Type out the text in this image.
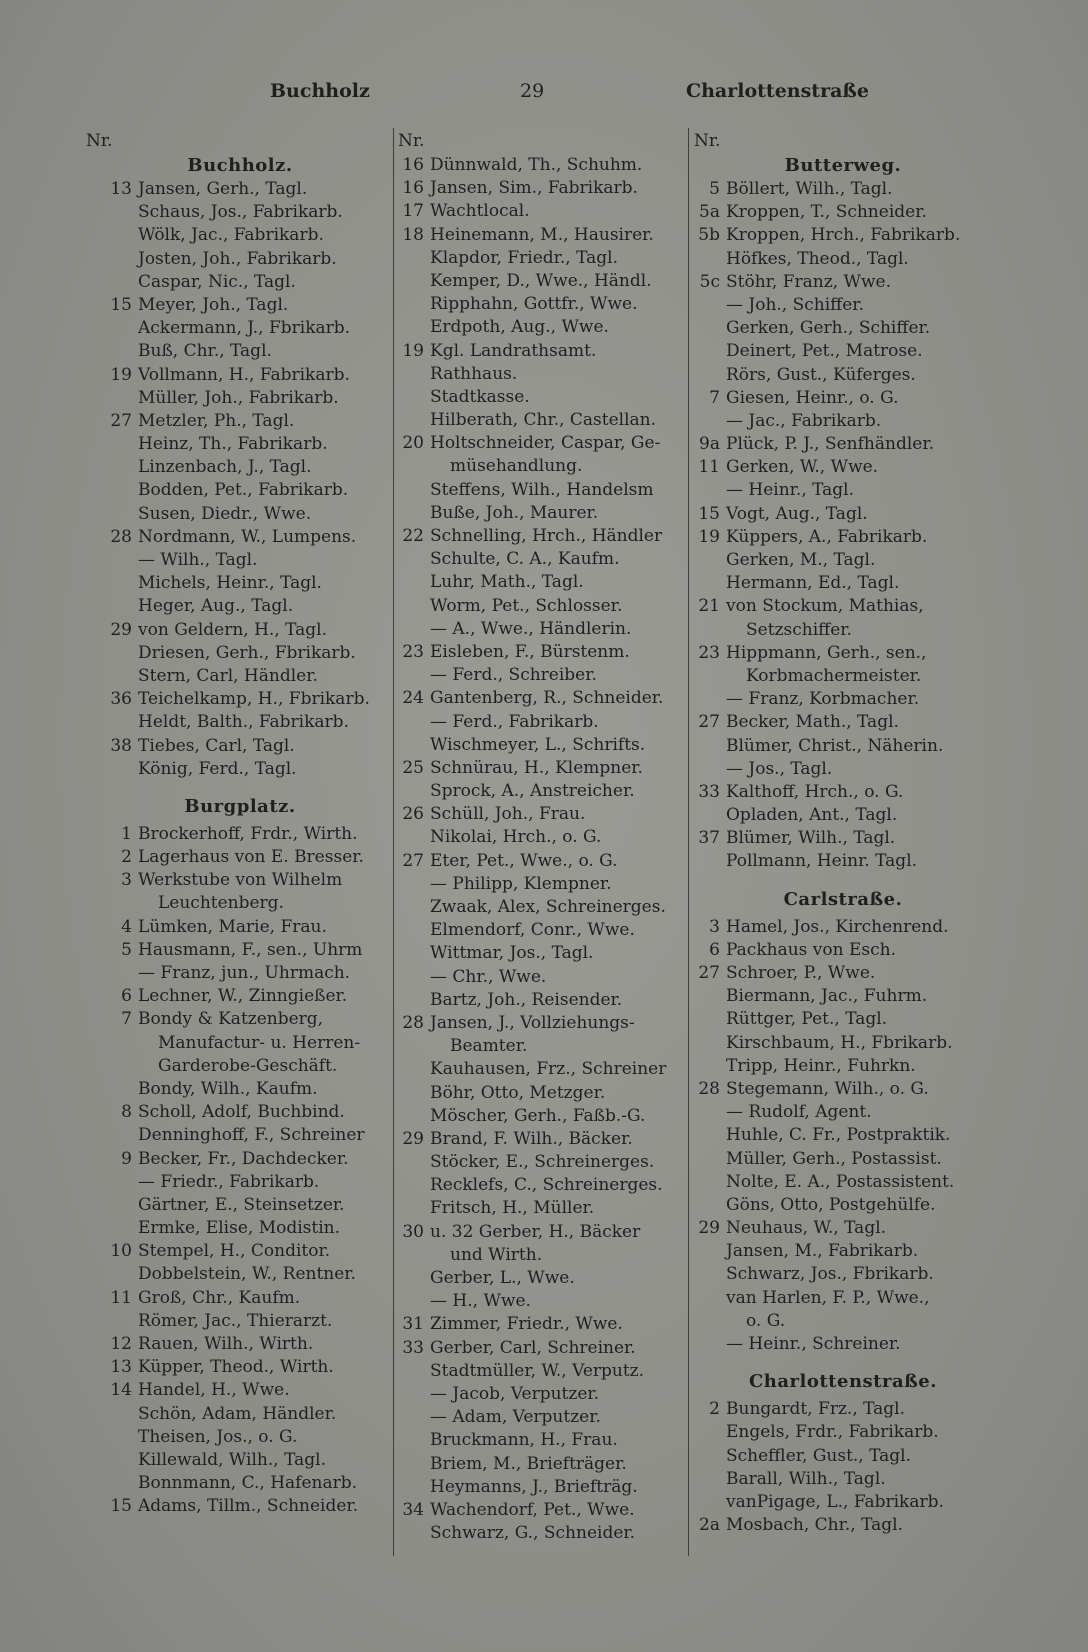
Buchholz	29	Charlottenstraße
Nr.
Buchholz.
13 Jansen, Gerh., Tagl.
Schaus, Jos., Fabrikarb.
Wölk, Jac., Fabrikarb.
Josten, Joh., Fabrikarb.
Caspar, Nic., Tagl.
15 Meyer, Joh., Tagl.
Ackermann, J., Fbrikarb.
Buß, Chr., Tagl.
19 Vollmann, H., Fabrikarb.
Müller, Joh., Fabrikarb.
27 Metzler, Ph., Tagl.
Heinz, Th., Fabrikarb.
Linzenbach, J., Tagl.
Bodden, Pet., Fabrikarb.
Susen, Diedr., Wwe.
28 Nordmann, W., Lumpens.
— Wilh., Tagl.
Michels, Heinr., Tagl.
Heger, Aug., Tagl.
29 von Geldern, H., Tagl.
Driesen, Gerh., Fbrikarb.
Stern, Carl, Händler.
36 Teichelkamp, H., Fbrikarb.
Heldt, Balth., Fabrikarb.
38 Tiebes, Carl, Tagl.
König, Ferd., Tagl.
Burgplatz.
1 Brockerhoff, Frdr., Wirth.
2 Lagerhaus von E. Bresser.
3 Werkstube von Wilhelm
Leuchtenberg.
4 Lümken, Marie, Frau.
5 Hausmann, F., sen., Uhrm
— Franz, jun., Uhrmach.
6 Lechner, W., Zinngießer.
7 Bondy & Katzenberg,
Manufactur- u. Herren-
Garderobe-Geschäft.
Bondy, Wilh., Kaufm.
8 Scholl, Adolf, Buchbind.
Denninghoff, F., Schreiner
9 Becker, Fr., Dachdecker.
— Friedr., Fabrikarb.
Gärtner, E., Steinsetzer.
Ermke, Elise, Modistin.
10 Stempel, H., Conditor.
Dobbelstein, W., Rentner.
11 Groß, Chr., Kaufm.
Römer, Jac., Thierarzt.
12 Rauen, Wilh., Wirth.
13 Küpper, Theod., Wirth.
14 Handel, H., Wwe.
Schön, Adam, Händler.
Theisen, Jos., o. G.
Killewald, Wilh., Tagl.
Bonnmann, C., Hafenarb.
15 Adams, Tillm., Schneider.
Nr.
16 Dünnwald, Th., Schuhm.
16 Jansen, Sim., Fabrikarb.
17 Wachtlocal.
18 Heinemann, M., Hausirer.
Klapdor, Friedr., Tagl.
Kemper, D., Wwe., Händl.
Ripphahn, Gottfr., Wwe.
Erdpoth, Aug., Wwe.
19 Kgl. Landrathsamt.
Rathhaus.
Stadtkasse.
Hilberath, Chr., Castellan.
20 Holtschneider, Caspar, Ge-
müsehandlung.
Steffens, Wilh., Handelsm
Buße, Joh., Maurer.
22 Schnelling, Hrch., Händler
Schulte, C. A., Kaufm.
Luhr, Math., Tagl.
Worm, Pet., Schlosser.
— A., Wwe., Händlerin.
23 Eisleben, F., Bürstenm.
— Ferd., Schreiber.
24 Gantenberg, R., Schneider.
— Ferd., Fabrikarb.
Wischmeyer, L., Schrifts.
25 Schnürau, H., Klempner.
Sprock, A., Anstreicher.
26 Schüll, Joh., Frau.
Nikolai, Hrch., o. G.
27 Eter, Pet., Wwe., o. G.
— Philipp, Klempner.
Zwaak, Alex, Schreinerges.
Elmendorf, Conr., Wwe.
Wittmar, Jos., Tagl.
— Chr., Wwe.
Bartz, Joh., Reisender.
28 Jansen, J., Vollziehungs-
Beamter.
Kauhausen, Frz., Schreiner
Böhr, Otto, Metzger.
Möscher, Gerh., Faßb.-G.
29 Brand, F. Wilh., Bäcker.
Stöcker, E., Schreinerges.
Recklefs, C., Schreinerges.
Fritsch, H., Müller.
30 u. 32 Gerber, H., Bäcker
und Wirth.
Gerber, L., Wwe.
— H., Wwe.
31 Zimmer, Friedr., Wwe.
33 Gerber, Carl, Schreiner.
Stadtmüller, W., Verputz.
— Jacob, Verputzer.
— Adam, Verputzer.
Bruckmann, H., Frau.
Briem, M., Briefträger.
Heymanns, J., Briefträg.
34 Wachendorf, Pet., Wwe.
Schwarz, G., Schneider.
Nr.
Butterweg.
5 Böllert, Wilh., Tagl.
5a Kroppen, T., Schneider.
5b Kroppen, Hrch., Fabrikarb.
Höfkes, Theod., Tagl.
5c Stöhr, Franz, Wwe.
— Joh., Schiffer.
Gerken, Gerh., Schiffer.
Deinert, Pet., Matrose.
Rörs, Gust., Küferges.
7 Giesen, Heinr., o. G.
— Jac., Fabrikarb.
9a Plück, P. J., Senfhändler.
11 Gerken, W., Wwe.
— Heinr., Tagl.
15 Vogt, Aug., Tagl.
19 Küppers, A., Fabrikarb.
Gerken, M., Tagl.
Hermann, Ed., Tagl.
21 von Stockum, Mathias,
Setzschiffer.
23 Hippmann, Gerh., sen.,
Korbmachermeister.
— Franz, Korbmacher.
27 Becker, Math., Tagl.
Blümer, Christ., Näherin.
— Jos., Tagl.
33 Kalthoff, Hrch., o. G.
Opladen, Ant., Tagl.
37 Blümer, Wilh., Tagl.
Pollmann, Heinr. Tagl.
Carlstraße.
3 Hamel, Jos., Kirchenrend.
6 Packhaus von Esch.
27 Schroer, P., Wwe.
Biermann, Jac., Fuhrm.
Rüttger, Pet., Tagl.
Kirschbaum, H., Fbrikarb.
Tripp, Heinr., Fuhrkn.
28 Stegemann, Wilh., o. G.
— Rudolf, Agent.
Huhle, C. Fr., Postpraktik.
Müller, Gerh., Postassist.
Nolte, E. A., Postassistent.
Göns, Otto, Postgehülfe.
29 Neuhaus, W., Tagl.
Jansen, M., Fabrikarb.
Schwarz, Jos., Fbrikarb.
van Harlen, F. P., Wwe.,
o. G.
— Heinr., Schreiner.
Charlottenstraße.
2 Bungardt, Frz., Tagl.
Engels, Frdr., Fabrikarb.
Scheffler, Gust., Tagl.
Barall, Wilh., Tagl.
vanPigage, L., Fabrikarb.
2a Mosbach, Chr., Tagl.
